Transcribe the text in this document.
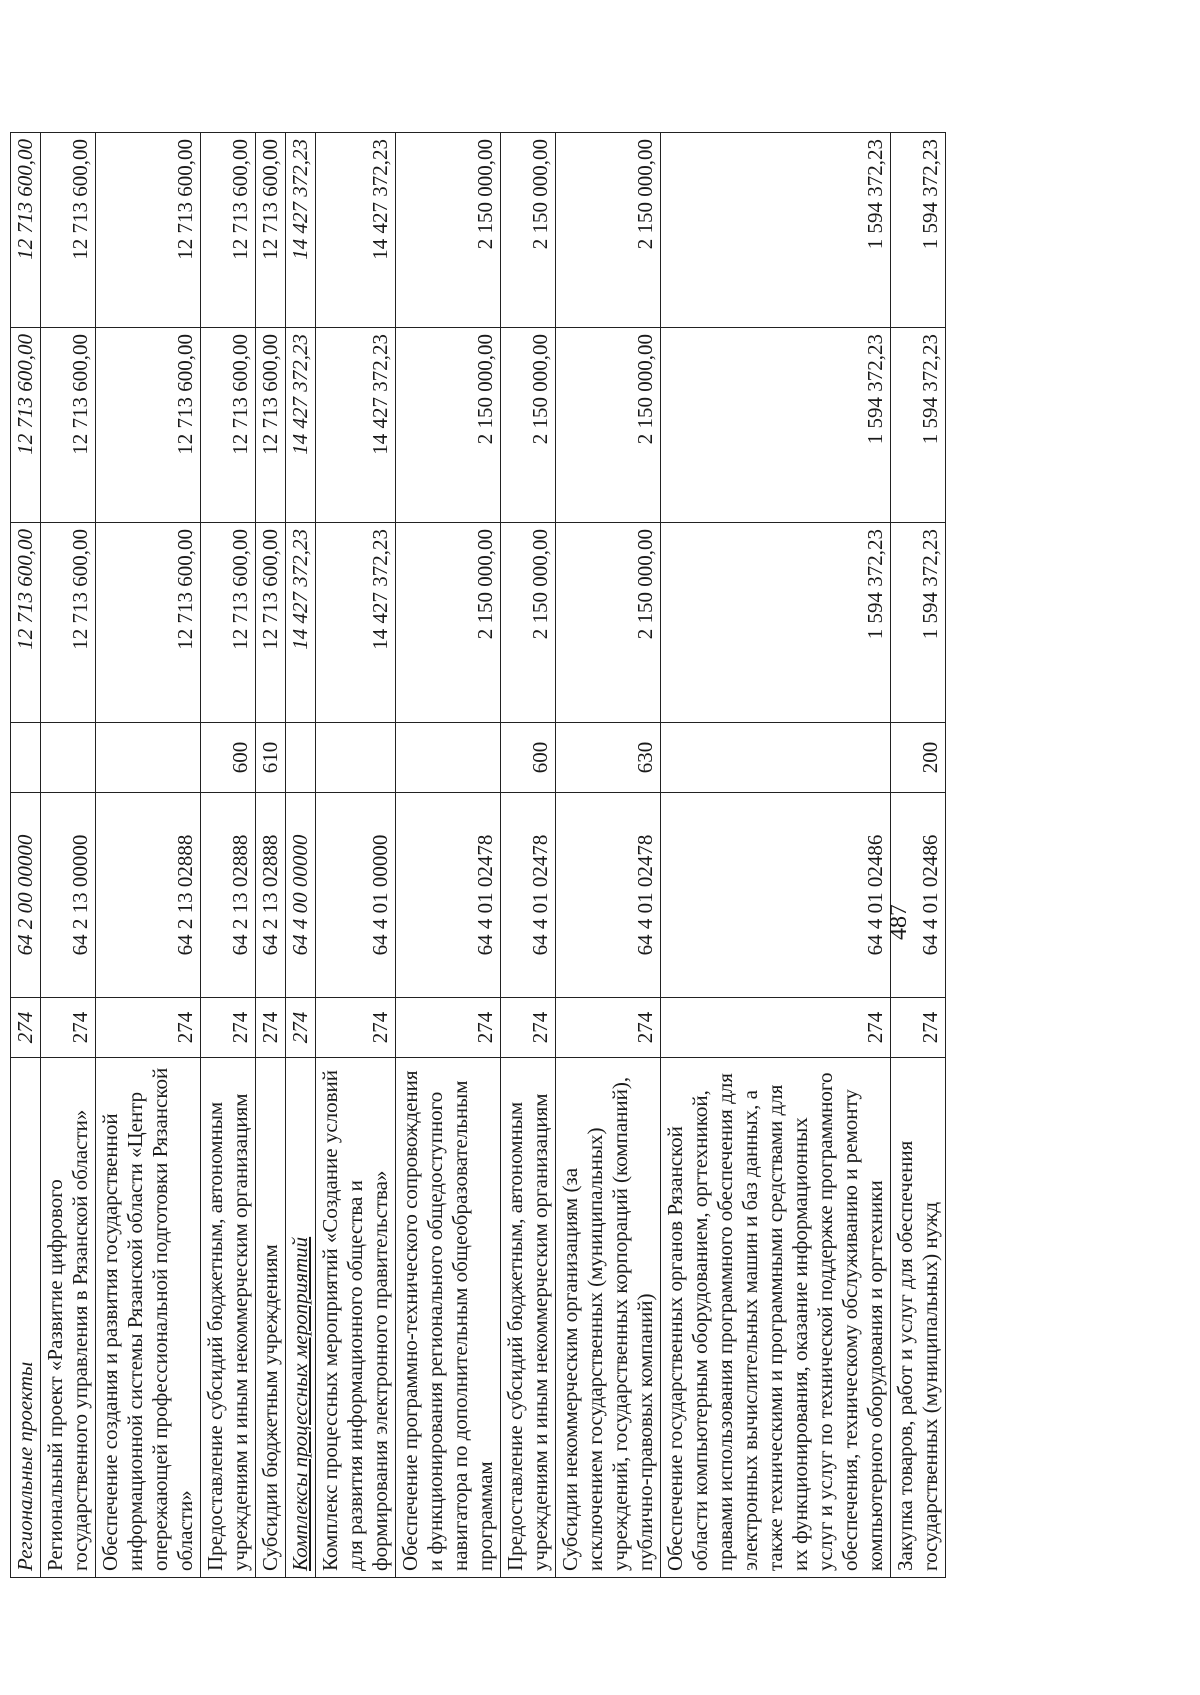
Региональные проекты	274	64 2 00 00000		12 713 600,00	12 713 600,00	12 713 600,00
Региональный проект «Развитие цифрового государственного управления в Рязанской области»	274	64 2 13 00000		12 713 600,00	12 713 600,00	12 713 600,00
Обеспечение создания и развития государственной информационной системы Рязанской области «Центр опережающей профессиональной подготовки Рязанской области»	274	64 2 13 02888		12 713 600,00	12 713 600,00	12 713 600,00
Предоставление субсидий бюджетным, автономным учреждениям и иным некоммерческим организациям	274	64 2 13 02888	600	12 713 600,00	12 713 600,00	12 713 600,00
Субсидии бюджетным учреждениям	274	64 2 13 02888	610	12 713 600,00	12 713 600,00	12 713 600,00
Комплексы процессных мероприятий	274	64 4 00 00000		14 427 372,23	14 427 372,23	14 427 372,23
Комплекс процессных мероприятий «Создание условий для развития информационного общества и формирования электронного правительства»	274	64 4 01 00000		14 427 372,23	14 427 372,23	14 427 372,23
Обеспечение программно-технического сопровождения и функционирования регионального общедоступного навигатора по дополнительным общеобразовательным программам	274	64 4 01 02478		2 150 000,00	2 150 000,00	2 150 000,00
Предоставление субсидий бюджетным, автономным учреждениям и иным некоммерческим организациям	274	64 4 01 02478	600	2 150 000,00	2 150 000,00	2 150 000,00
Субсидии некоммерческим организациям (за исключением государственных (муниципальных) учреждений, государственных корпораций (компаний), публично-правовых компаний)	274	64 4 01 02478	630	2 150 000,00	2 150 000,00	2 150 000,00
Обеспечение государственных органов Рязанской области компьютерным оборудованием, оргтехникой, правами использования программного обеспечения для электронных вычислительных машин и баз данных, а также техническими и программными средствами для их функционирования, оказание информационных услуг и услуг по технической поддержке программного обеспечения, техническому обслуживанию и ремонту компьютерного оборудования и оргтехники	274	64 4 01 02486		1 594 372,23	1 594 372,23	1 594 372,23
Закупка товаров, работ и услуг для обеспечения государственных (муниципальных) нужд	274	64 4 01 02486	200	1 594 372,23	1 594 372,23	1 594 372,23
487
